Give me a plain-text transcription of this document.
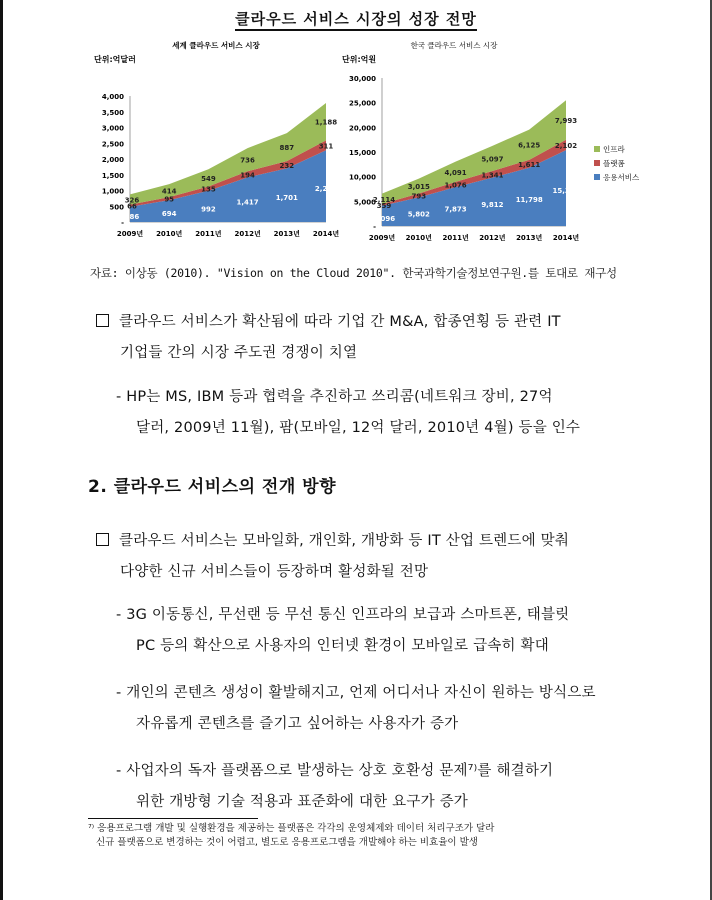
클라우드 서비스 시장의 성장 전망
세계 클라우드 서비스 시장
단위:억달러
4,000
3,500
3,000
2,500
2,000
1,500
1,000
500
-
486	694
992
1,417
1,701
2,279
66
95
135
194
232
311
326
414
549
736
887
1,188
2009년 2010년 2011년 2012년 2013년 2014년
한국 클라우드 서비스 시장
단위:억원
30,000
25,000
20,000
15,000
10,000
5,000
-
4,096
5,802
7,873
9,812
11,798
15,385
359
793
1,076
1,341
1,611
2,102
2,114
3,015
4,091
5,097
6,125
7,993
2009년 2010년 2011년 2012년 2013년 2014년
인프라
플랫폼
응용서비스
자료: 이상동 (2010). "Vision on the Cloud 2010". 한국과학기술정보연구원.를 토대로 재구성
클라우드 서비스가 확산됨에 따라 기업 간 M&A, 합종연횡 등 관련 IT
기업들 간의 시장 주도권 경쟁이 치열
- HP는 MS, IBM 등과 협력을 추진하고 쓰리콤(네트워크 장비, 27억
달러, 2009년 11월), 팜(모바일, 12억 달러, 2010년 4월) 등을 인수
2. 클라우드 서비스의 전개 방향
클라우드 서비스는 모바일화, 개인화, 개방화 등 IT 산업 트렌드에 맞춰
다양한 신규 서비스들이 등장하며 활성화될 전망
- 3G 이동통신, 무선랜 등 무선 통신 인프라의 보급과 스마트폰, 태블릿
PC 등의 확산으로 사용자의 인터넷 환경이 모바일로 급속히 확대
- 개인의 콘텐츠 생성이 활발해지고, 언제 어디서나 자신이 원하는 방식으로
자유롭게 콘텐츠를 즐기고 싶어하는 사용자가 증가
- 사업자의 독자 플랫폼으로 발생하는 상호 호환성 문제⁷⁾를 해결하기
위한 개방형 기술 적용과 표준화에 대한 요구가 증가
⁷⁾ 응용프로그램 개발 및 실행환경을 제공하는 플랫폼은 각각의 운영체제와 데이터 처리구조가 달라
신규 플랫폼으로 변경하는 것이 어렵고, 별도로 응용프로그램을 개발해야 하는 비효율이 발생
